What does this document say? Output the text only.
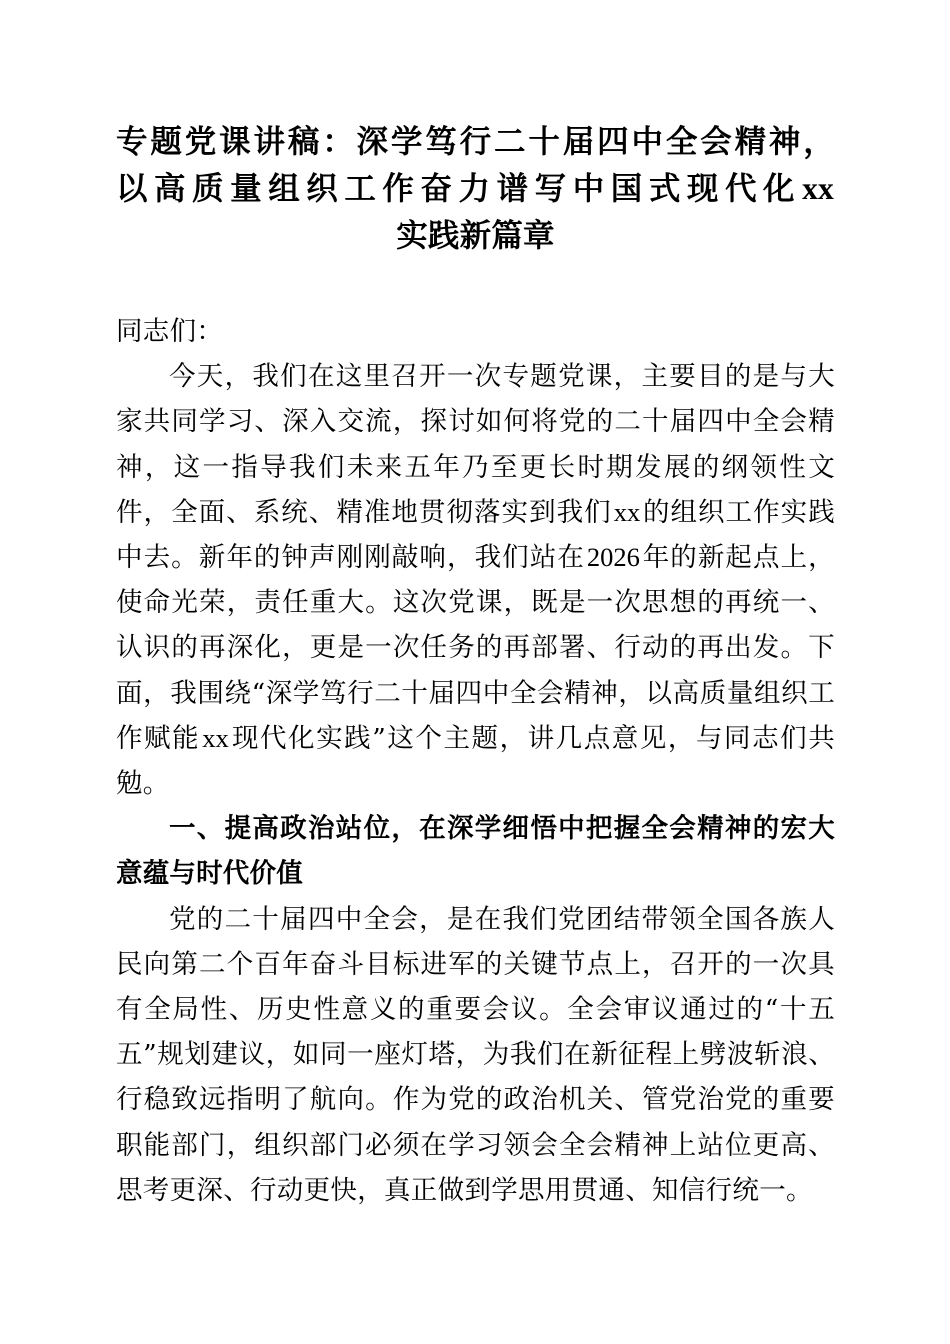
专题党课讲稿：深学笃行二十届四中全会精神，
以高质量组织工作奋力谱写中国式现代化xx
实践新篇章

同志们：

今天，我们在这里召开一次专题党课，主要目的是与大家共同学习、深入交流，探讨如何将党的二十届四中全会精神，这一指导我们未来五年乃至更长时期发展的纲领性文件，全面、系统、精准地贯彻落实到我们xx的组织工作实践中去。新年的钟声刚刚敲响，我们站在2026年的新起点上，使命光荣，责任重大。这次党课，既是一次思想的再统一、认识的再深化，更是一次任务的再部署、行动的再出发。下面，我围绕“深学笃行二十届四中全会精神，以高质量组织工作赋能xx现代化实践”这个主题，讲几点意见，与同志们共勉。

一、提高政治站位，在深学细悟中把握全会精神的宏大意蕴与时代价值

党的二十届四中全会，是在我们党团结带领全国各族人民向第二个百年奋斗目标进军的关键节点上，召开的一次具有全局性、历史性意义的重要会议。全会审议通过的“十五五”规划建议，如同一座灯塔，为我们在新征程上劈波斩浪、行稳致远指明了航向。作为党的政治机关、管党治党的重要职能部门，组织部门必须在学习领会全会精神上站位更高、思考更深、行动更快，真正做到学思用贯通、知信行统一。
